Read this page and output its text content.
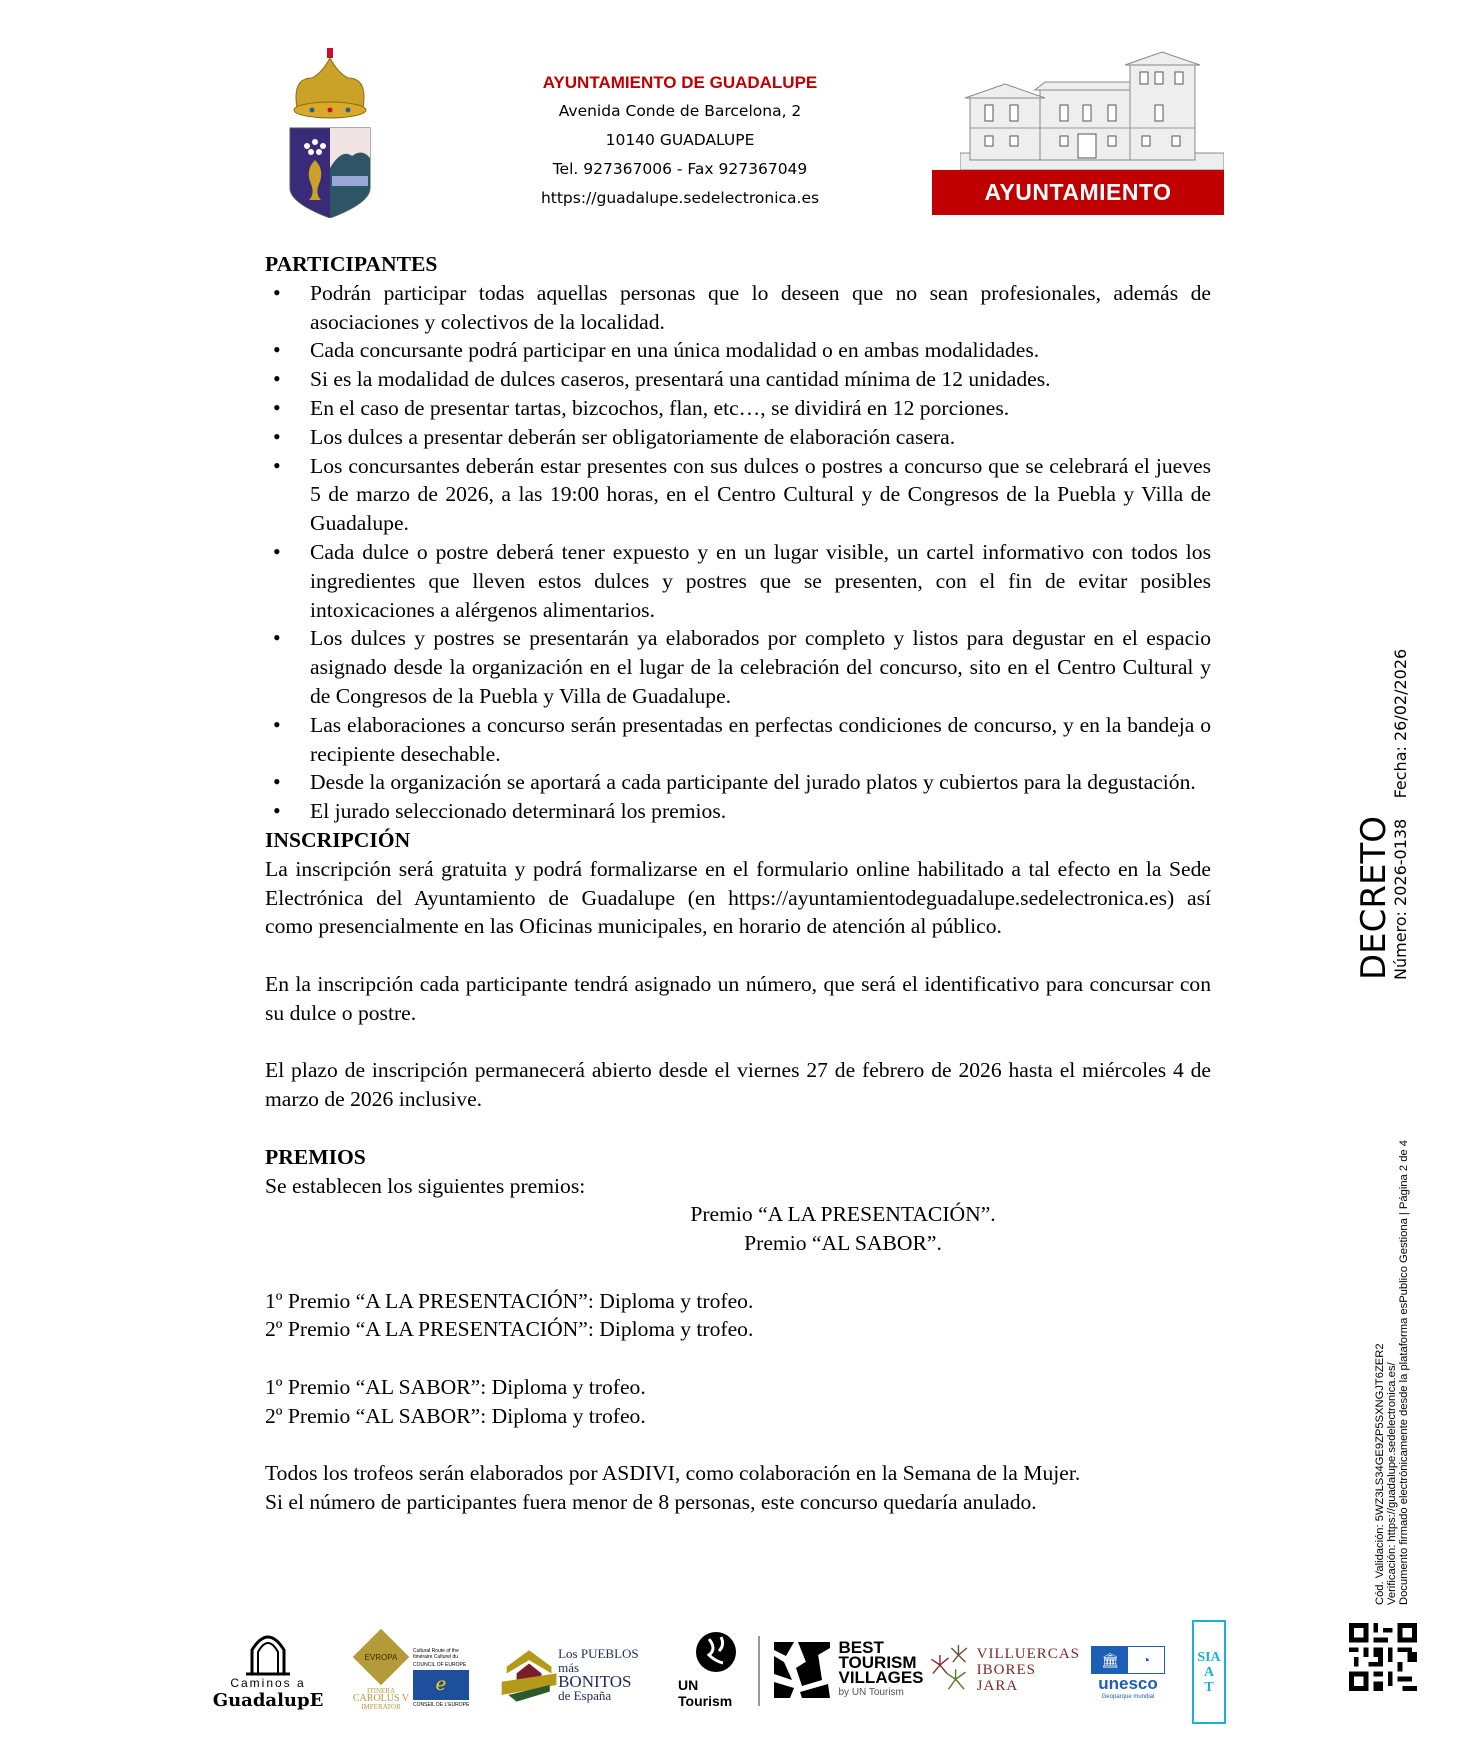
AYUNTAMIENTO DE GUADALUPE
Avenida Conde de Barcelona, 2
10140 GUADALUPE
Tel. 927367006 - Fax 927367049
https://guadalupe.sedelectronica.es	AYUNTAMIENTO
PARTICIPANTES
• Podrán participar todas aquellas personas que lo deseen que no sean profesionales, además de asociaciones y colectivos de la localidad.
• Cada concursante podrá participar en una única modalidad o en ambas modalidades.
• Si es la modalidad de dulces caseros, presentará una cantidad mínima de 12 unidades.
• En el caso de presentar tartas, bizcochos, flan, etc…, se dividirá en 12 porciones.
• Los dulces a presentar deberán ser obligatoriamente de elaboración casera.
• Los concursantes deberán estar presentes con sus dulces o postres a concurso que se celebrará el jueves 5 de marzo de 2026, a las 19:00 horas, en el Centro Cultural y de Congresos de la Puebla y Villa de Guadalupe.
• Cada dulce o postre deberá tener expuesto y en un lugar visible, un cartel informativo con todos los ingredientes que lleven estos dulces y postres que se presenten, con el fin de evitar posibles intoxicaciones a alérgenos alimentarios.
• Los dulces y postres se presentarán ya elaborados por completo y listos para degustar en el espacio asignado desde la organización en el lugar de la celebración del concurso, sito en el Centro Cultural y de Congresos de la Puebla y Villa de Guadalupe.
• Las elaboraciones a concurso serán presentadas en perfectas condiciones de concurso, y en la bandeja o recipiente desechable.
• Desde la organización se aportará a cada participante del jurado platos y cubiertos para la degustación.
• El jurado seleccionado determinará los premios.
INSCRIPCIÓN

La inscripción será gratuita y podrá formalizarse en el formulario online habilitado a tal efecto en la Sede Electrónica del Ayuntamiento de Guadalupe (en https://ayuntamientodeguadalupe.sedelectronica.es) así como presencialmente en las Oficinas municipales, en horario de atención al público.

En la inscripción cada participante tendrá asignado un número, que será el identificativo para concursar con su dulce o postre.

El plazo de inscripción permanecerá abierto desde el viernes 27 de febrero de 2026 hasta el miércoles 4 de marzo de 2026 inclusive.

PREMIOS
Se establecen los siguientes premios:
Premio “A LA PRESENTACIÓN”.
Premio “AL SABOR”.
1º Premio “A LA PRESENTACIÓN”: Diploma y trofeo.
2º Premio “A LA PRESENTACIÓN”: Diploma y trofeo.
1º Premio “AL SABOR”: Diploma y trofeo.
2º Premio “AL SABOR”: Diploma y trofeo.
Todos los trofeos serán elaborados por ASDIVI, como colaboración en la Semana de la Mujer.
Si el número de participantes fuera menor de 8 personas, este concurso quedaría anulado.
DECRETO
Número: 2026-0138    Fecha: 26/02/2026
Cód. Validación: 5WZ3LS34GE9ZP5SXNGJT6ZER2 Verificación: https://guadalupe.sedelectronica.es/ Documento firmado electrónicamente desde la plataforma esPublico Gestiona | Página 2 de 4
Caminos a
GuadalupE
EVROPA
ITINERA
CAROLUS V
IMPERATOR
Cultural Route of the
Itinéraire Culturel du
COUNCIL OF EUROPE
ℯ
CONSEIL DE L'EUROPE
Los PUEBLOS más
BONITOS
de España
UN Tourism
BEST
TOURISM
VILLAGES
by UN Tourism
VILLUERCAS
IBORES
JARA
🏛	◔
unesco
Geoparque mundial
SIA
A
T
